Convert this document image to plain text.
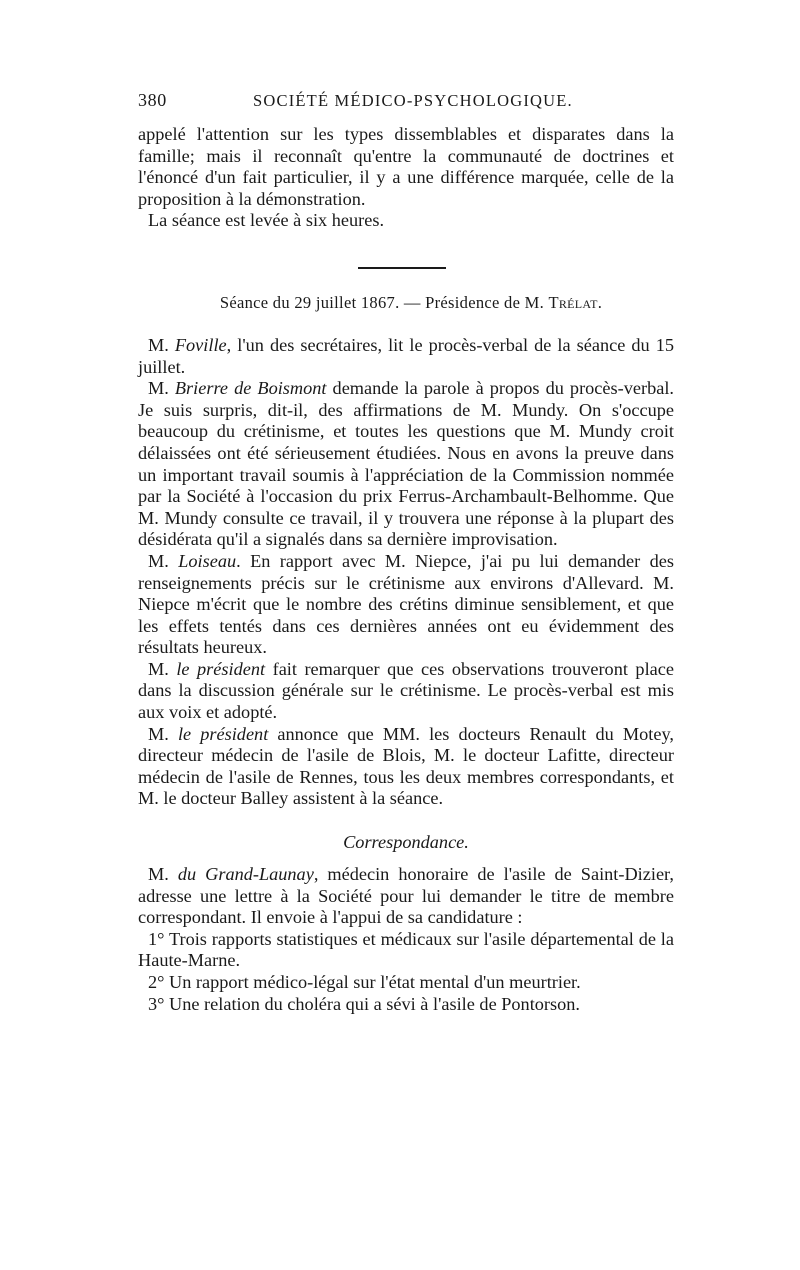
380	SOCIÉTÉ MÉDICO-PSYCHOLOGIQUE.

appelé l'attention sur les types dissemblables et disparates dans la famille; mais il reconnaît qu'entre la communauté de doctrines et l'énoncé d'un fait particulier, il y a une différence marquée, celle de la proposition à la démonstration.

La séance est levée à six heures.

Séance du 29 juillet 1867. — Présidence de M. Trélat.

M. Foville, l'un des secrétaires, lit le procès-verbal de la séance du 15 juillet.

M. Brierre de Boismont demande la parole à propos du procès-verbal. Je suis surpris, dit-il, des affirmations de M. Mundy. On s'occupe beaucoup du crétinisme, et toutes les questions que M. Mundy croit délaissées ont été sérieusement étudiées. Nous en avons la preuve dans un important travail soumis à l'appréciation de la Commission nommée par la Société à l'occasion du prix Ferrus-Archambault-Belhomme. Que M. Mundy consulte ce travail, il y trouvera une réponse à la plupart des désidérata qu'il a signalés dans sa dernière improvisation.

M. Loiseau. En rapport avec M. Niepce, j'ai pu lui demander des renseignements précis sur le crétinisme aux environs d'Allevard. M. Niepce m'écrit que le nombre des crétins diminue sensiblement, et que les effets tentés dans ces dernières années ont eu évidemment des résultats heureux.

M. le président fait remarquer que ces observations trouveront place dans la discussion générale sur le crétinisme. Le procès-verbal est mis aux voix et adopté.

M. le président annonce que MM. les docteurs Renault du Motey, directeur médecin de l'asile de Blois, M. le docteur Lafitte, directeur médecin de l'asile de Rennes, tous les deux membres correspondants, et M. le docteur Balley assistent à la séance.

Correspondance.

M. du Grand-Launay, médecin honoraire de l'asile de Saint-Dizier, adresse une lettre à la Société pour lui demander le titre de membre correspondant. Il envoie à l'appui de sa candidature :

1° Trois rapports statistiques et médicaux sur l'asile départemental de la Haute-Marne.

2° Un rapport médico-légal sur l'état mental d'un meurtrier.

3° Une relation du choléra qui a sévi à l'asile de Pontorson.
